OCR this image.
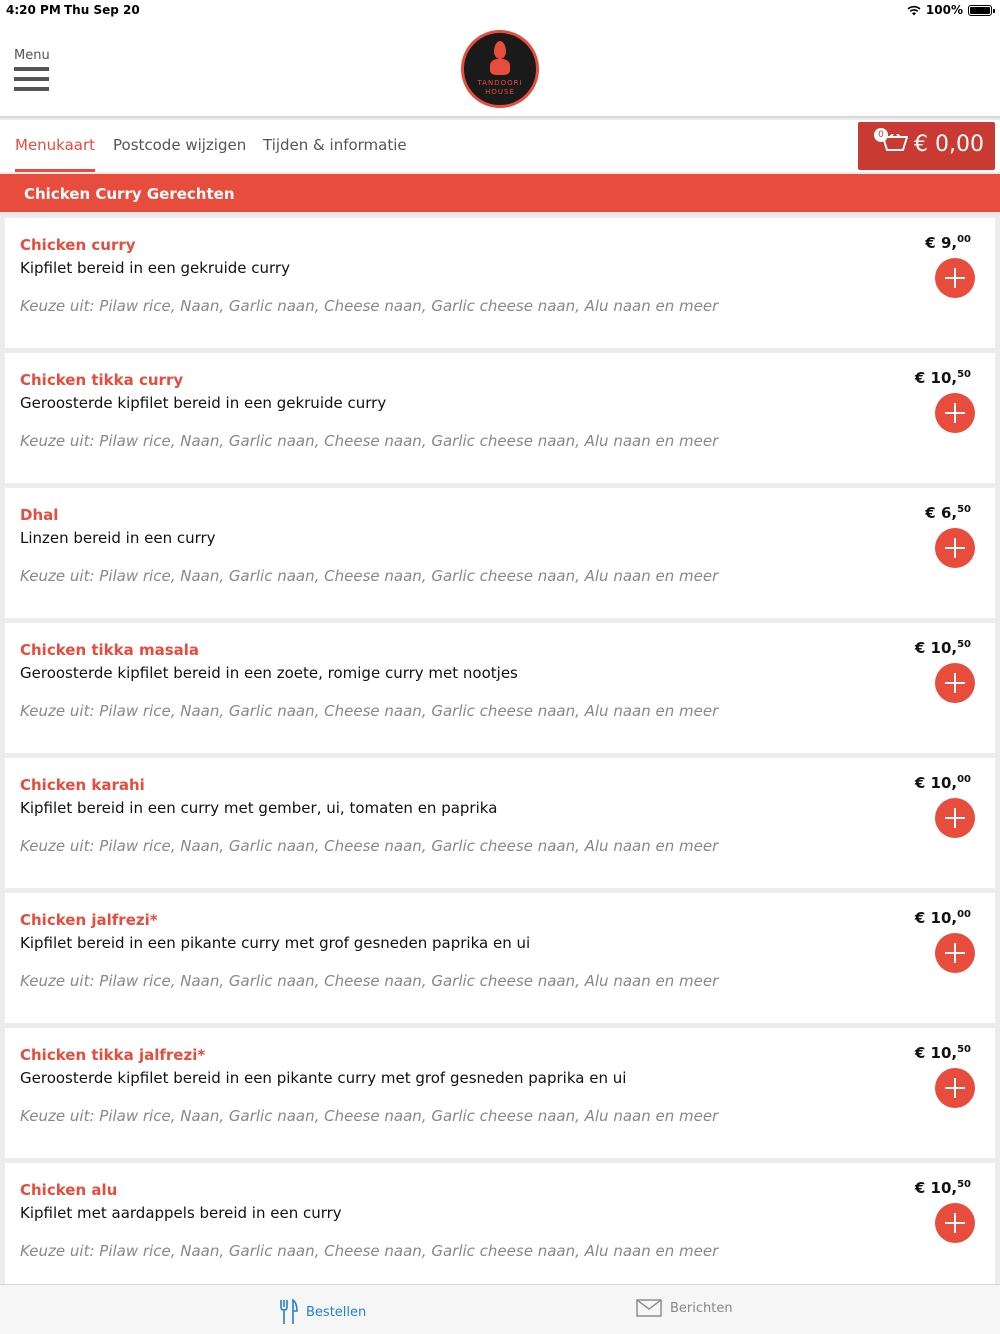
4:20 PM Thu Sep 20	100%
Menu
TANDOORI
HOUSE
Menukaart Postcode wijzigen Tijden & informatie
0 € 0,00
Chicken Curry Gerechten
Chicken curry
Kipfilet bereid in een gekruide curry
Keuze uit: Pilaw rice, Naan, Garlic naan, Cheese naan, Garlic cheese naan, Alu naan en meer
€ 9,00
Chicken tikka curry
Geroosterde kipfilet bereid in een gekruide curry
Keuze uit: Pilaw rice, Naan, Garlic naan, Cheese naan, Garlic cheese naan, Alu naan en meer
€ 10,50
Dhal
Linzen bereid in een curry
Keuze uit: Pilaw rice, Naan, Garlic naan, Cheese naan, Garlic cheese naan, Alu naan en meer
€ 6,50
Chicken tikka masala
Geroosterde kipfilet bereid in een zoete, romige curry met nootjes
Keuze uit: Pilaw rice, Naan, Garlic naan, Cheese naan, Garlic cheese naan, Alu naan en meer
€ 10,50
Chicken karahi
Kipfilet bereid in een curry met gember, ui, tomaten en paprika
Keuze uit: Pilaw rice, Naan, Garlic naan, Cheese naan, Garlic cheese naan, Alu naan en meer
€ 10,00
Chicken jalfrezi*
Kipfilet bereid in een pikante curry met grof gesneden paprika en ui
Keuze uit: Pilaw rice, Naan, Garlic naan, Cheese naan, Garlic cheese naan, Alu naan en meer
€ 10,00
Chicken tikka jalfrezi*
Geroosterde kipfilet bereid in een pikante curry met grof gesneden paprika en ui
Keuze uit: Pilaw rice, Naan, Garlic naan, Cheese naan, Garlic cheese naan, Alu naan en meer
€ 10,50
Chicken alu
Kipfilet met aardappels bereid in een curry
Keuze uit: Pilaw rice, Naan, Garlic naan, Cheese naan, Garlic cheese naan, Alu naan en meer
€ 10,50
Bestellen	Berichten
